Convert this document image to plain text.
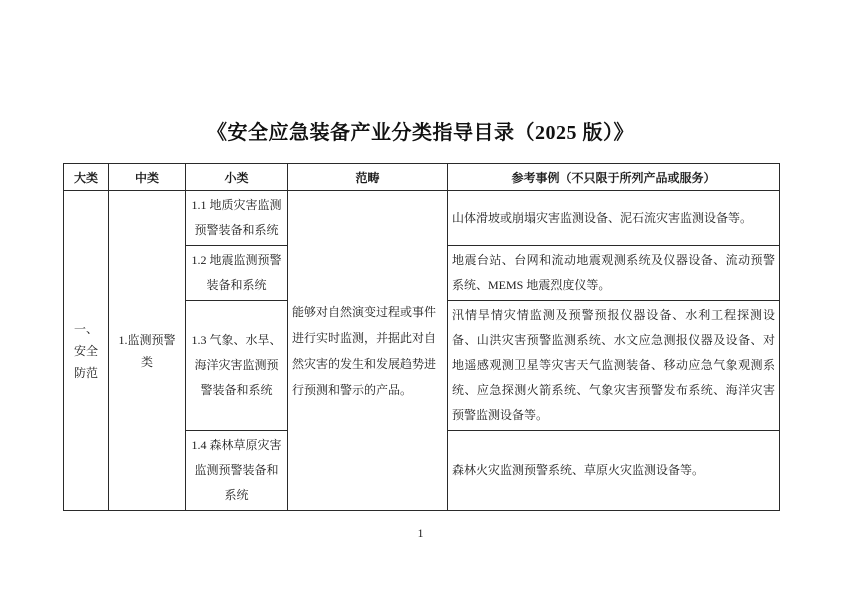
《安全应急装备产业分类指导目录（2025 版）》
大类	中类	小类	范畴	参考事例（不只限于所列产品或服务）

一、安全防范	1.监测预警类	1.1 地质灾害监测预警装备和系统	能够对自然演变过程或事件进行实时监测，并据此对自然灾害的发生和发展趋势进行预测和警示的产品。	山体滑坡或崩塌灾害监测设备、泥石流灾害监测设备等。
		1.2 地震监测预警装备和系统		地震台站、台网和流动地震观测系统及仪器设备、流动预警系统、MEMS 地震烈度仪等。
		1.3 气象、水旱、海洋灾害监测预警装备和系统		汛情旱情灾情监测及预警预报仪器设备、水利工程探测设备、山洪灾害预警监测系统、水文应急测报仪器及设备、对地遥感观测卫星等灾害天气监测装备、移动应急气象观测系统、应急探测火箭系统、气象灾害预警发布系统、海洋灾害预警监测设备等。
		1.4 森林草原灾害监测预警装备和系统		森林火灾监测预警系统、草原火灾监测设备等。
1
